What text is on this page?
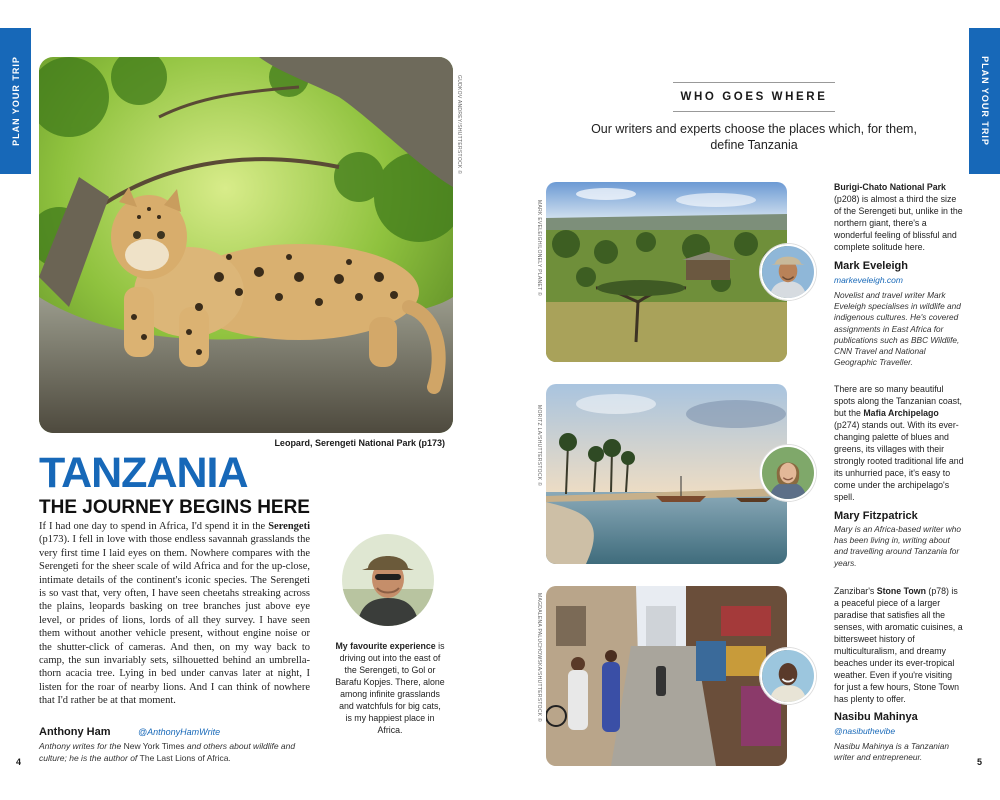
PLAN YOUR TRIP	PLAN YOUR TRIP
GUDKOV ANDREY/SHUTTERSTOCK ©
Leopard, Serengeti National Park (p173)
TANZANIA
THE JOURNEY BEGINS HERE
If I had one day to spend in Africa, I'd spend it in the Serengeti (p173). I fell in love with those endless savannah grasslands the very first time I laid eyes on them. Nowhere compares with the Serengeti for the sheer scale of wild Africa and for the up-close, intimate details of the continent's iconic species. The Serengeti is so vast that, very often, I have seen cheetahs streaking across the plains, leopards basking on tree branches just above eye level, or prides of lions, lords of all they survey. I have seen them without another vehicle present, without engine noise or the shutter-click of cameras. And then, on my way back to camp, the sun invariably sets, silhouetted behind an umbrella-thorn acacia tree. Lying in bed under canvas later at night, I listen for the roar of nearby lions. And I can think of nowhere that I'd rather be at that moment.
Anthony Ham	@AnthonyHamWrite
Anthony writes for the New York Times and others about wildlife and culture; he is the author of The Last Lions of Africa.
My favourite experience is driving out into the east of the Serengeti, to Gol or Barafu Kopjes. There, alone among infinite grasslands and watchfuls for big cats, is my happiest place in Africa.
4
WHO GOES WHERE
Our writers and experts choose the places which, for them, define Tanzania
MARK EVELEIGH/LONELY PLANET ©
Burigi-Chato National Park (p208) is almost a third the size of the Serengeti but, unlike in the northern giant, there's a wonderful feeling of blissful and complete solitude here.
Mark Eveleigh
markeveleigh.com
Novelist and travel writer Mark Eveleigh specialises in wildlife and indigenous cultures. He's covered assignments in East Africa for publications such as BBC Wildlife, CNN Travel and National Geographic Traveller.
MORITZ LA/SHUTTERSTOCK ©
There are so many beautiful spots along the Tanzanian coast, but the Mafia Archipelago (p274) stands out. With its ever-changing palette of blues and greens, its villages with their strongly rooted traditional life and its unhurried pace, it's easy to come under the archipelago's spell.
Mary Fitzpatrick
Mary is an Africa-based writer who has been living in, writing about and travelling around Tanzania for years.
MAGDALENA PALUCHOWSKA/SHUTTERSTOCK ©
Zanzibar's Stone Town (p78) is a peaceful piece of a larger paradise that satisfies all the senses, with aromatic cuisines, a bittersweet history of multiculturalism, and dreamy beaches under its ever-tropical weather. Even if you're visiting for just a few hours, Stone Town has plenty to offer.
Nasibu Mahinya
@nasibuthevibe
Nasibu Mahinya is a Tanzanian writer and entrepreneur.	5
